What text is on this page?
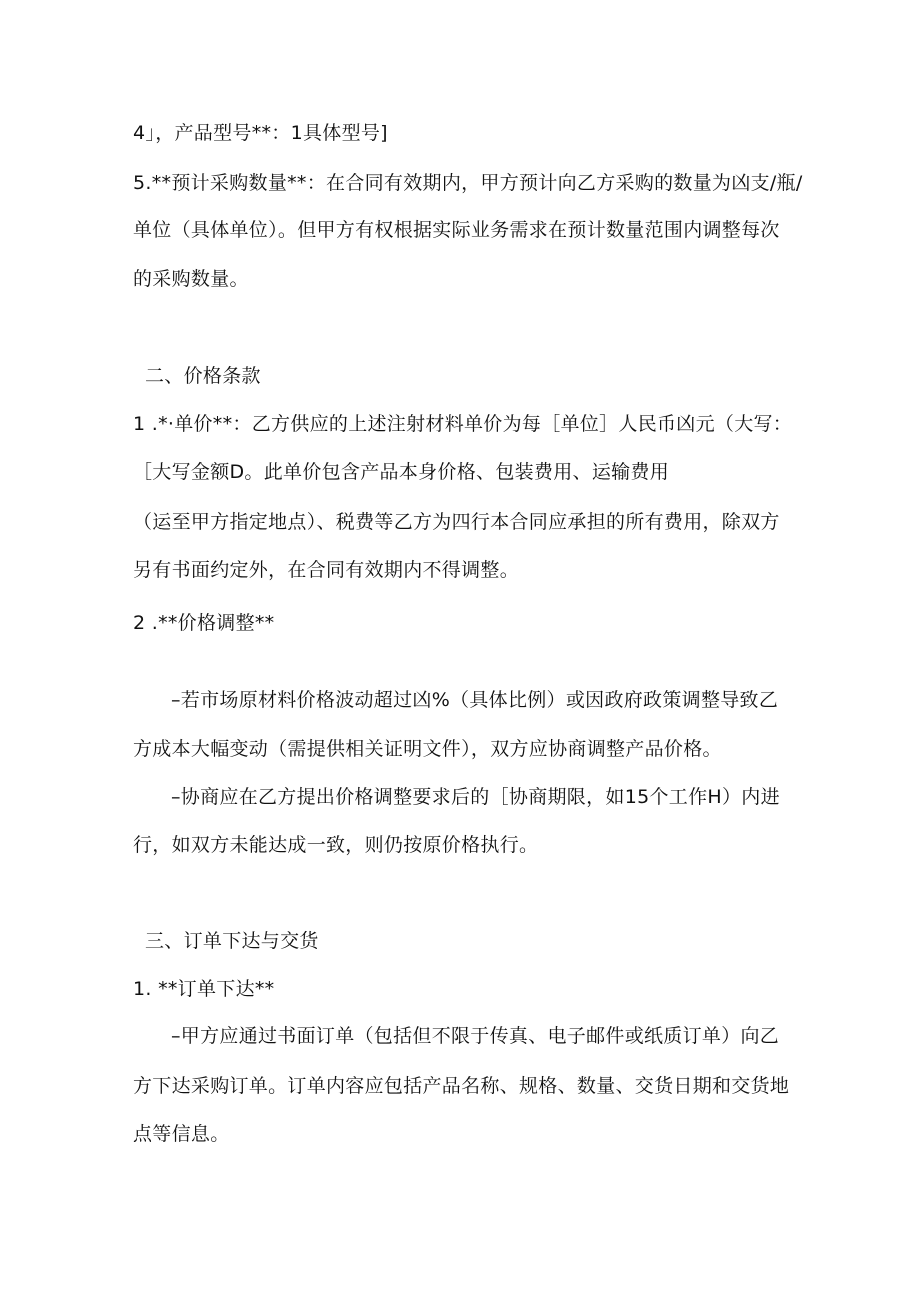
4」，产品型号**：1具体型号]
5.**预计采购数量**：在合同有效期内，甲方预计向乙方采购的数量为凶支/瓶/
单位（具体单位）。但甲方有权根据实际业务需求在预计数量范围内调整每次
的采购数量。
二、价格条款
1 .*·单价**：乙方供应的上述注射材料单价为每［单位］人民币凶元（大写：
［大写金额D。此单价包含产品本身价格、包装费用、运输费用
（运至甲方指定地点）、税费等乙方为四行本合同应承担的所有费用，除双方
另有书面约定外，在合同有效期内不得调整。
2 .**价格调整**
–若市场原材料价格波动超过凶%（具体比例）或因政府政策调整导致乙
方成本大幅变动（需提供相关证明文件），双方应协商调整产品价格。
–协商应在乙方提出价格调整要求后的［协商期限，如15个工作H）内进
行，如双方未能达成一致，则仍按原价格执行。
三、订单下达与交货
1. **订单下达**
–甲方应通过书面订单（包括但不限于传真、电子邮件或纸质订单）向乙
方下达采购订单。订单内容应包括产品名称、规格、数量、交货日期和交货地
点等信息。
